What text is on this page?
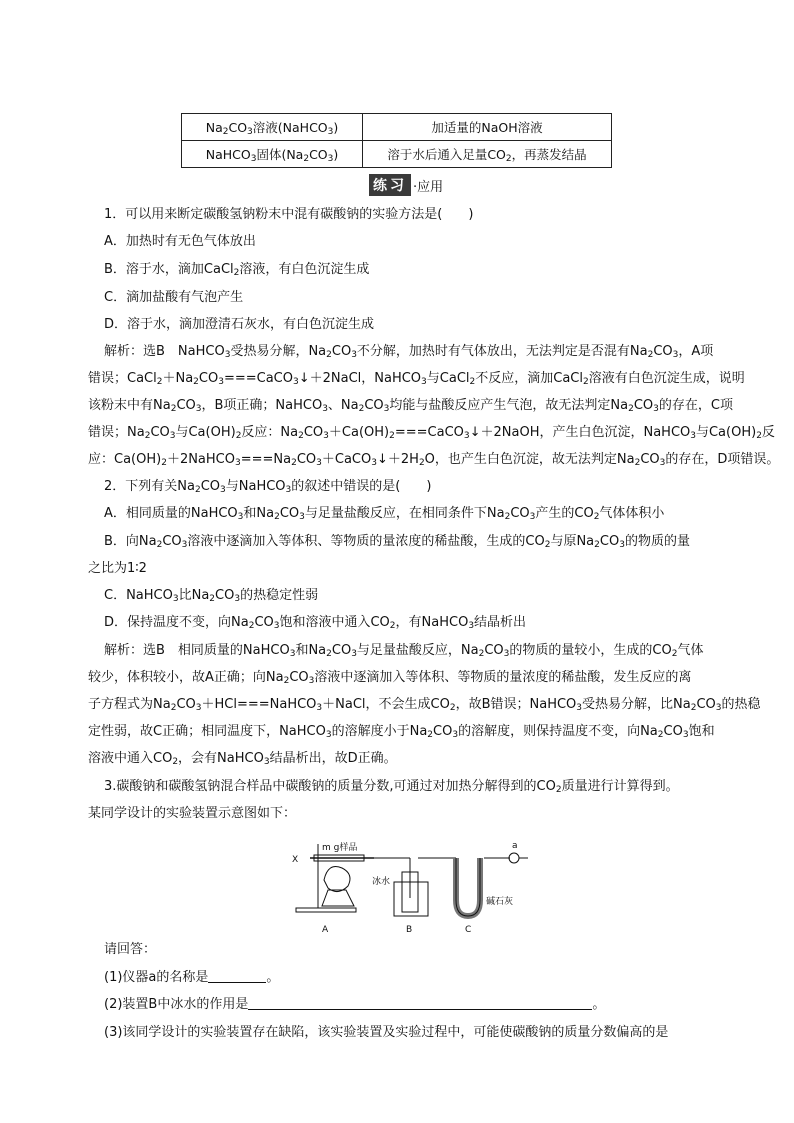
$Na_2CO_3$溶液(NaHCO$_3$)	加适量的NaOH溶液
NaHCO$_3$固体$(Na_2CO_3)$	溶于水后通入足量$CO_2$，再蒸发结晶
练习 ·应用
1．可以用来断定碳酸氢钠粉末中混有碳酸钠的实验方法是(　　)
A．加热时有无色气体放出
B．溶于水，滴加CaCl$_2$溶液，有白色沉淀生成
C．滴加盐酸有气泡产生
D．溶于水，滴加澄清石灰水，有白色沉淀生成
解析：选B　NaHCO$_3$受热易分解，$Na_2CO_3$不分解，加热时有气体放出，无法判定是否混有$Na_2CO_3$，A项
错误；$CaCl_2+Na_2CO_3===CaCO_3↓+2NaCl$，NaHCO$_3$与CaCl$_2$不反应，滴加CaCl$_2$溶液有白色沉淀生成，说明
该粉末中有$Na_2CO_3$，B项正确；NaHCO$_3$、$Na_2CO_3$均能与盐酸反应产生气泡，故无法判定$Na_2CO_3$的存在，C项
错误；$Na_2CO_3$与$Ca(OH)_2$反应：$Na_2CO_3+Ca(OH)_2===CaCO_3↓+2NaOH$，产生白色沉淀，NaHCO$_3$与$Ca(OH)_2$反
应：$Ca(OH)_2+2NaHCO_3===Na_2CO_3+CaCO_3↓+2H_2O$，也产生白色沉淀，故无法判定$Na_2CO_3$的存在，D项错误。
2．下列有关$Na_2CO_3$与NaHCO$_3$的叙述中错误的是(　　)
A．相同质量的NaHCO$_3$和$Na_2CO_3$与足量盐酸反应，在相同条件下$Na_2CO_3$产生的$CO_2$气体体积小
B．向$Na_2CO_3$溶液中逐滴加入等体积、等物质的量浓度的稀盐酸，生成的$CO_2$与原$Na_2CO_3$的物质的量
之比为1∶2
C．NaHCO$_3$比$Na_2CO_3$的热稳定性弱
D．保持温度不变，向$Na_2CO_3$饱和溶液中通入$CO_2$，有NaHCO$_3$结晶析出
解析：选B　相同质量的NaHCO$_3$和$Na_2CO_3$与足量盐酸反应，$Na_2CO_3$的物质的量较小，生成的$CO_2$气体
较少，体积较小，故A正确；向$Na_2CO_3$溶液中逐滴加入等体积、等物质的量浓度的稀盐酸，发生反应的离
子方程式为$Na_2CO_3+HCl===NaHCO_3+NaCl$，不会生成$CO_2$，故B错误；NaHCO$_3$受热易分解，比$Na_2CO_3$的热稳
定性弱，故C正确；相同温度下，NaHCO$_3$的溶解度小于$Na_2CO_3$的溶解度，则保持温度不变，向$Na_2CO_3$饱和
溶液中通入$CO_2$，会有NaHCO$_3$结晶析出，故D正确。
3.碳酸钠和碳酸氢钠混合样品中碳酸钠的质量分数,可通过对加热分解得到的$CO_2$质量进行计算得到。
某同学设计的实验装置示意图如下：
X
m g样品
冰水
碱石灰
a
A	B	C
请回答：
(1)仪器a的名称是	。
(2)装置B中冰水的作用是	。
(3)该同学设计的实验装置存在缺陷，该实验装置及实验过程中，可能使碳酸钠的质量分数偏高的是
